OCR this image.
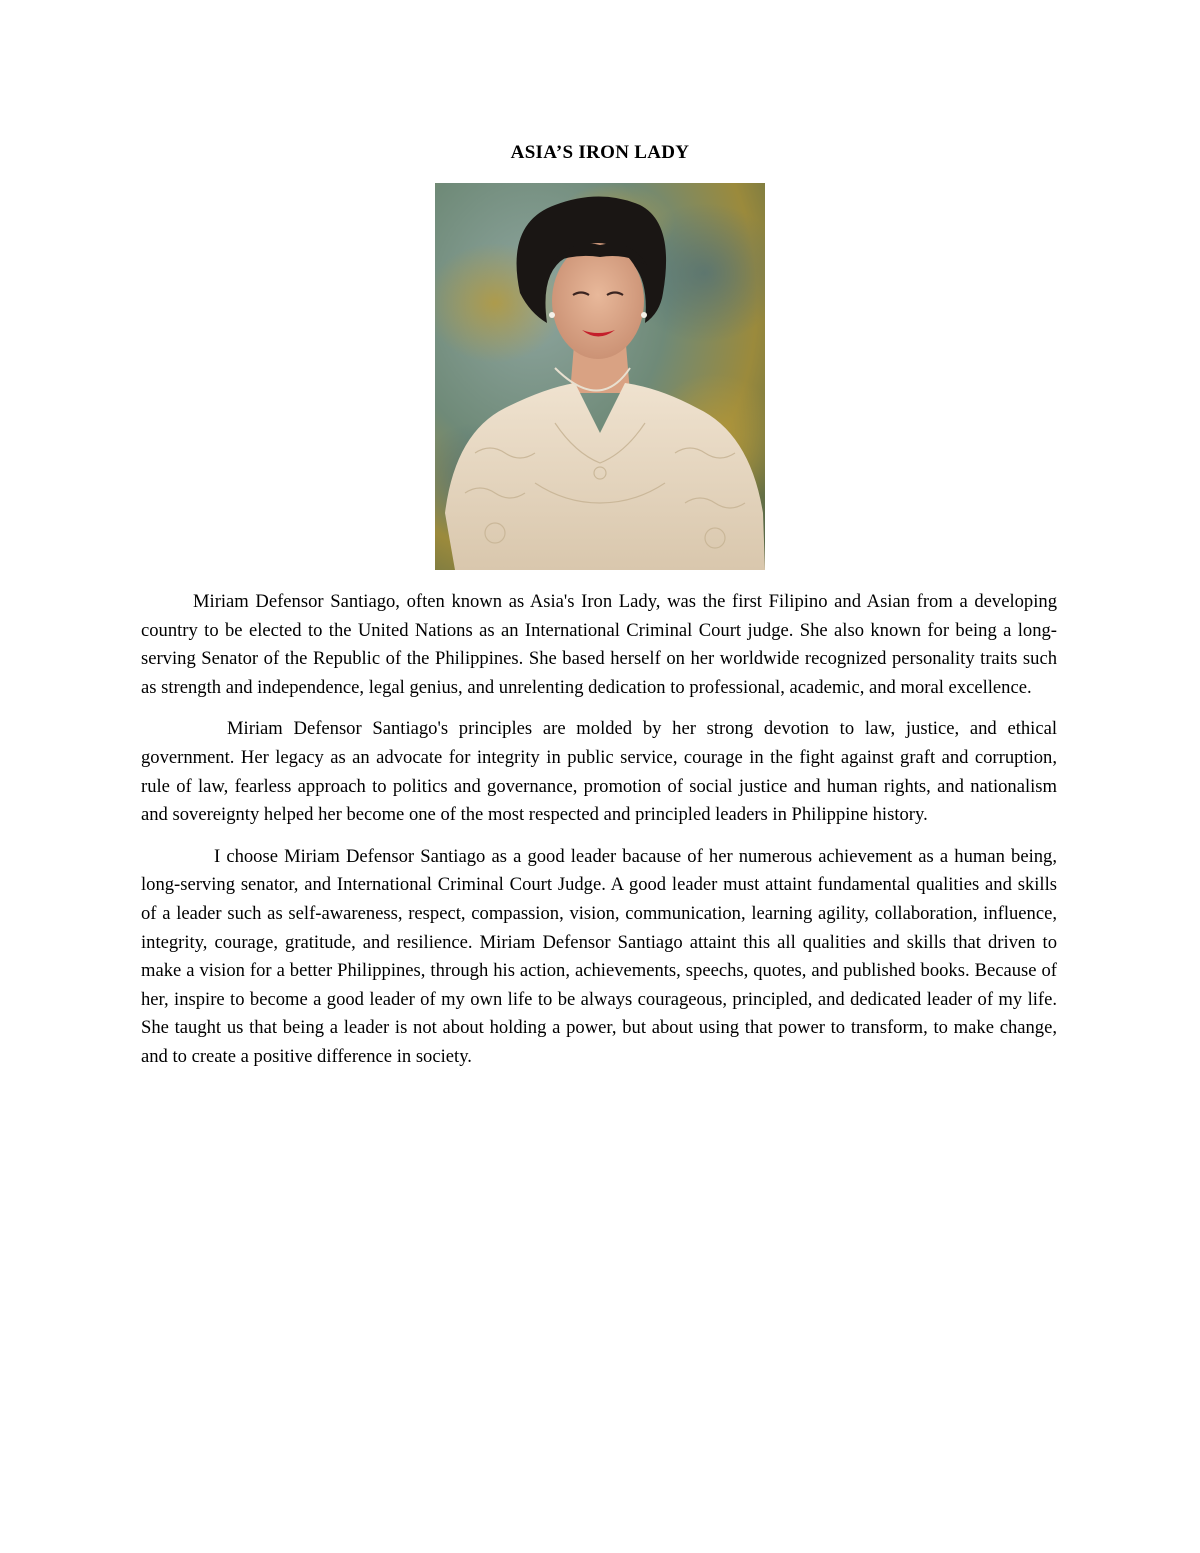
ASIA’S IRON LADY

Miriam Defensor Santiago, often known as Asia's Iron Lady, was the first Filipino and Asian from a developing country to be elected to the United Nations as an International Criminal Court judge. She also known for being a long-serving Senator of the Republic of the Philippines. She based herself on her worldwide recognized personality traits such as strength and independence, legal genius, and unrelenting dedication to professional, academic, and moral excellence.

Miriam Defensor Santiago's principles are molded by her strong devotion to law, justice, and ethical government. Her legacy as an advocate for integrity in public service, courage in the fight against graft and corruption, rule of law, fearless approach to politics and governance, promotion of social justice and human rights, and nationalism and sovereignty helped her become one of the most respected and principled leaders in Philippine history.

I choose Miriam Defensor Santiago as a good leader bacause of her numerous achievement as a human being, long-serving senator, and International Criminal Court Judge. A good leader must attaint fundamental qualities and skills of a leader such as self-awareness, respect, compassion, vision, communication, learning agility, collaboration, influence, integrity, courage, gratitude, and resilience. Miriam Defensor Santiago attaint this all qualities and skills that driven to make a vision for a better Philippines, through his action, achievements, speechs, quotes, and published books. Because of her, inspire to become a good leader of my own life to be always courageous, principled, and dedicated leader of my life. She taught us that being a leader is not about holding a power, but about using that power to transform, to make change, and to create a positive difference in society.
